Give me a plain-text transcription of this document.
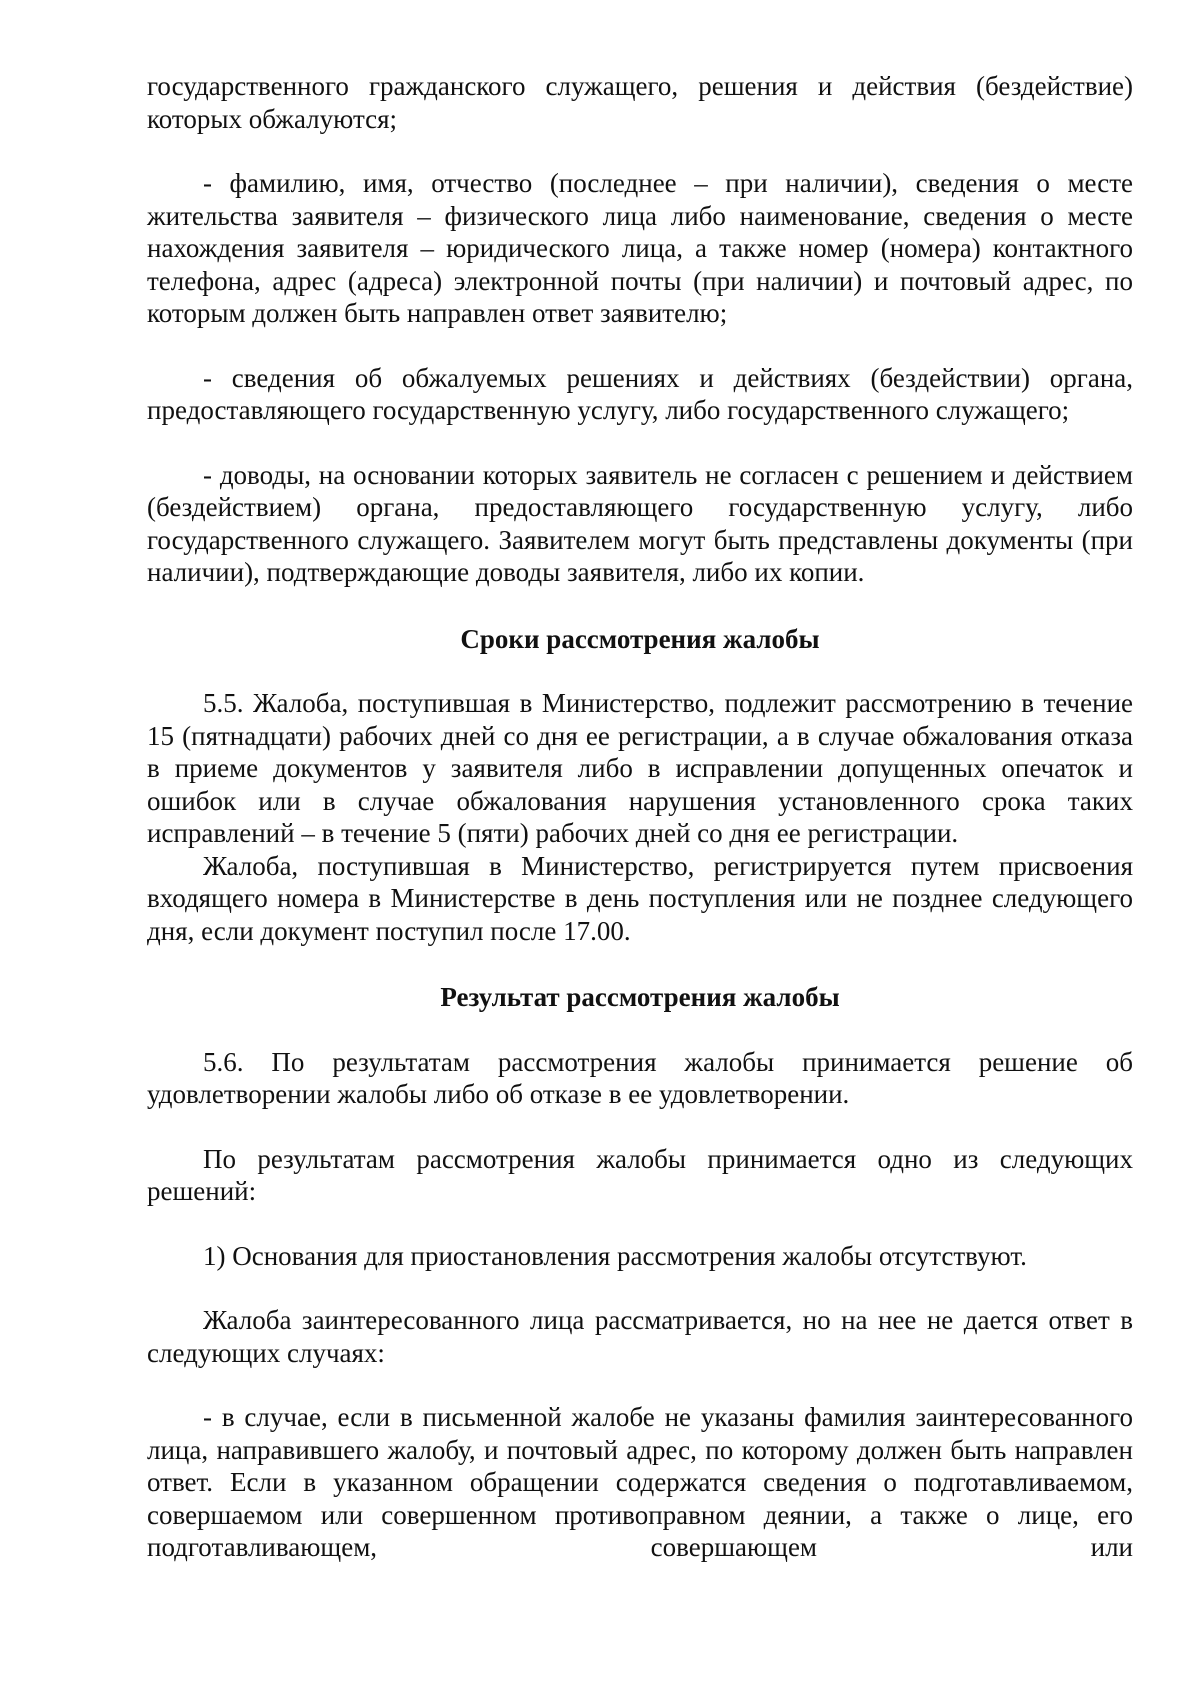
государственного гражданского служащего, решения и действия (бездействие) которых обжалуются;

- фамилию, имя, отчество (последнее – при наличии), сведения о месте жительства заявителя – физического лица либо наименование, сведения о месте нахождения заявителя – юридического лица, а также номер (номера) контактного телефона, адрес (адреса) электронной почты (при наличии) и почтовый адрес, по которым должен быть направлен ответ заявителю;

- сведения об обжалуемых решениях и действиях (бездействии) органа, предоставляющего государственную услугу, либо государственного служащего;

- доводы, на основании которых заявитель не согласен с решением и действием (бездействием) органа, предоставляющего государственную услугу, либо государственного служащего. Заявителем могут быть представлены документы (при наличии), подтверждающие доводы заявителя, либо их копии.

Сроки рассмотрения жалобы

5.5. Жалоба, поступившая в Министерство, подлежит рассмотрению в течение 15 (пятнадцати) рабочих дней со дня ее регистрации, а в случае обжалования отказа в приеме документов у заявителя либо в исправлении допущенных опечаток и ошибок или в случае обжалования нарушения установленного срока таких исправлений – в течение 5 (пяти) рабочих дней со дня ее регистрации.

Жалоба, поступившая в Министерство, регистрируется путем присвоения входящего номера в Министерстве в день поступления или не позднее следующего дня, если документ поступил после 17.00.

Результат рассмотрения жалобы

5.6. По результатам рассмотрения жалобы принимается решение об удовлетворении жалобы либо об отказе в ее удовлетворении.

По результатам рассмотрения жалобы принимается одно из следующих решений:

1) Основания для приостановления рассмотрения жалобы отсутствуют.

Жалоба заинтересованного лица рассматривается, но на нее не дается ответ в следующих случаях:

- в случае, если в письменной жалобе не указаны фамилия заинтересованного лица, направившего жалобу, и почтовый адрес, по которому должен быть направлен ответ. Если в указанном обращении содержатся сведения о подготавливаемом, совершаемом или совершенном противоправном деянии, а также о лице, его подготавливающем, совершающем или
